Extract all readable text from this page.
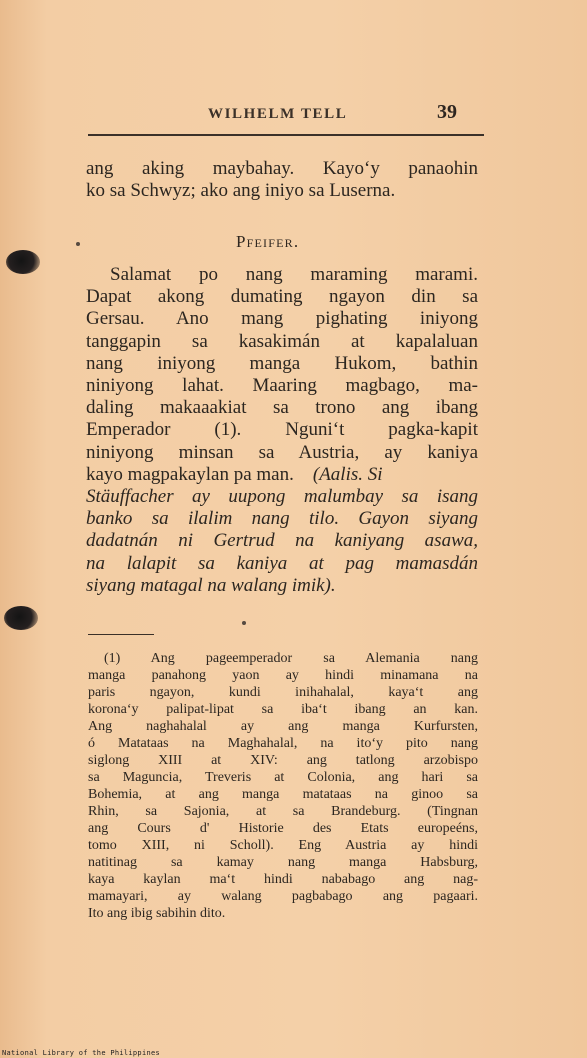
WILHELM TELL	39
ang aking maybahay. Kayo‘y panaohin
ko sa Schwyz; ako ang iniyo sa Luserna.
Pfeifer.
Salamat po nang maraming marami.
Dapat akong dumating ngayon din sa
Gersau. Ano mang pighating iniyong
tanggapin sa kasakimán at kapalaluan
nang iniyong manga Hukom, bathin
niniyong lahat. Maaring magbago, ma-
daling makaaakiat sa trono ang ibang
Emperador (1). Nguni‘t pagka-kapit
niniyong minsan sa Austria, ay kaniya
kayo magpakaylan pa man. (Aalis. Si
Stäuffacher ay uupong malumbay sa isang
banko sa ilalim nang tilo. Gayon siyang
dadatnán ni Gertrud na kaniyang asawa,
na lalapit sa kaniya at pag mamasdán
siyang matagal na walang imik).
(1) Ang pageemperador sa Alemania nang
manga panahong yaon ay hindi minamana na
paris ngayon, kundi inihahalal, kaya‘t ang
korona‘y palipat-lipat sa iba‘t ibang an kan.
Ang naghahalal ay ang manga Kurfursten,
ó Matataas na Maghahalal, na ito‘y pito nang
siglong XIII at XIV: ang tatlong arzobispo
sa Maguncia, Treveris at Colonia, ang hari sa
Bohemia, at ang manga matataas na ginoo sa
Rhin, sa Sajonia, at sa Brandeburg. (Tingnan
ang Cours d' Historie des Etats europeéns,
tomo XIII, ni Scholl). Eng Austria ay hindi
natitinag sa kamay nang manga Habsburg,
kaya kaylan ma‘t hindi nababago ang nag-
mamayari, ay walang pagbabago ang pagaari.
Ito ang ibig sabihin dito.
National Library of the Philippines
